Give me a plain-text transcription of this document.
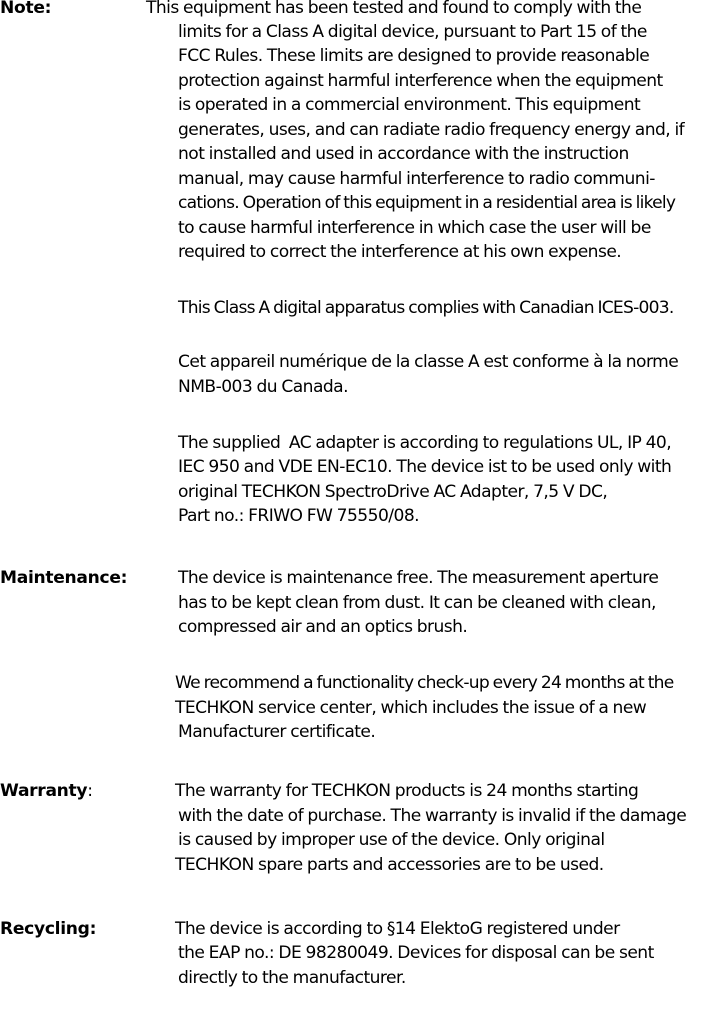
Note:	This equipment has been tested and found to comply with the
limits for a Class A digital device, pursuant to Part 15 of the
FCC Rules. These limits are designed to provide reasonable
protection against harmful interference when the equipment
is operated in a commercial environment. This equipment
generates, uses, and can radiate radio frequency energy and, if
not installed and used in accordance with the instruction
manual, may cause harmful interference to radio communi-
cations. Operation of this equipment in a residential area is likely
to cause harmful interference in which case the user will be
required to correct the interference at his own expense.
This Class A digital apparatus complies with Canadian ICES-003.
Cet appareil numérique de la classe A est conforme à la norme
NMB-003 du Canada.
The supplied  AC adapter is according to regulations UL, IP 40,
IEC 950 and VDE EN-EC10. The device ist to be used only with
original TECHKON SpectroDrive AC Adapter, 7,5 V DC,
Part no.: FRIWO FW 75550/08.
Maintenance:	The device is maintenance free. The measurement aperture
has to be kept clean from dust. It can be cleaned with clean,
compressed air and an optics brush.
We recommend a functionality check-up every 24 months at the
TECHKON service center, which includes the issue of a new
Manufacturer certificate.
Warranty:	The warranty for TECHKON products is 24 months starting
with the date of purchase. The warranty is invalid if the damage
is caused by improper use of the device. Only original
TECHKON spare parts and accessories are to be used.
Recycling:	The device is according to §14 ElektoG registered under
the EAP no.: DE 98280049. Devices for disposal can be sent
directly to the manufacturer.
